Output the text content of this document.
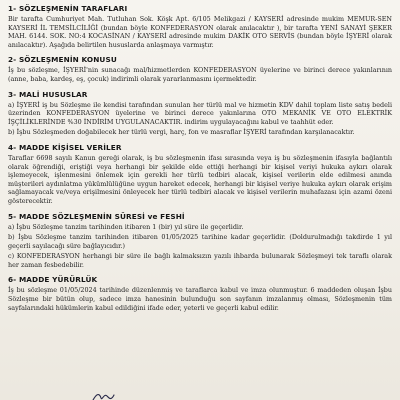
1- SÖZLEŞMENİN TARAFLARI

Bir tarafta Cumhuriyet Mah. Tutluhan Sok. Köşk Apt. 6/105 Melikgazi / KAYSERİ adresinde mukim MEMUR-SEN KAYSERİ İL TEMSİLCİLİĞİ (bundan böyle KONFEDERASYON olarak anılacaktır ), bir tarafta YENİ SANAYİ ŞEKER MAH. 6144. SOK. NO:4 KOCASİNAN / KAYSERİ adresinde mukim DAKİK OTO SERVİS (bundan böyle İŞYERİ olarak anılacaktır). Aşağıda belirtilen hususlarda anlaşmaya varmıştır.

2- SÖZLEŞMENİN KONUSU

İş bu sözleşme, İŞYERİ'nin sunacağı mal/hizmetlerden KONFEDERASYON üyelerine ve birinci derece yakınlarının (anne, baba, kardeş, eş, çocuk) indirimli olarak yararlanmasını içermektedir.

3- MALİ HUSUSLAR

a) İŞYERİ iş bu Sözleşme ile kendisi tarafından sunulan her türlü mal ve hizmetin KDV dahil toplam liste satış bedeli üzerinden KONFEDERASYON üyelerine ve birinci derece yakınlarına OTO MEKANİK VE OTO ELEKTRİK İŞÇİLİKLERİNDE %30 İNDİRİM UYGULANACAKTIR. indirim uygulayacağını kabul ve taahhüt eder.

b) İşbu Sözleşmeden doğabilecek her türlü vergi, harç, fon ve masraflar İŞYERİ tarafından karşılanacaktır.

4- MADDE KİŞİSEL VERİLER

Taraflar 6698 sayılı Kanun gereği olarak, iş bu sözleşmenin ifası sırasında veya iş bu sözleşmenin ifasıyla bağlantılı olarak öğrendiği, erişti̇ği veya herhangi bir şekilde elde ettiği herhangi bir kişisel veriyi hukuka aykırı olarak işlemeyecek, işlenmesini önlemek için gerekli her türlü tedbiri alacak, kişisel verilerin elde edilmesi anında müşterileri aydınlatma yükümlülüğüne uygun hareket edecek, herhangi bir kişisel veriye hukuka aykırı olarak erişim sağlamayacak ve/veya erişilmesini önleyecek her türlü tedbiri alacak ve kişisel verilerin muhafazası için azami özeni gösterecektir.

5- MADDE SÖZLEŞMENİN SÜRESİ ve FESHİ

a) İşbu Sözleşme tanzim tarihinden itibaren 1 (bir) yıl süre ile geçerlidir.

b) İşbu Sözleşme tanzim tarihinden itibaren 01/05/2025 tarihine kadar geçerlidir. (Doldurulmadığı takdirde 1 yıl geçerli sayılacağı süre bağlayıcıdır.)

c) KONFEDERASYON herhangi bir süre ile bağlı kalmaksızın yazılı ihbarda bulunarak Sözleşmeyi tek taraflı olarak her zaman fesbedebilir.

6- MADDE YÜRÜRLÜK

İş bu sözleşme 01/05/2024 tarihinde düzenlenmiş ve taraflarca kabul ve imza olunmuştur. 6 maddeden oluşan İşbu Sözleşme bir bütün olup, sadece imza hanesinin bulunduğu son sayfanın imzalanmış olması, Sözleşmenin tüm sayfalarındaki hükümlerin kabul edildiğini ifade eder, yeterli ve geçerli kabul edilir.
